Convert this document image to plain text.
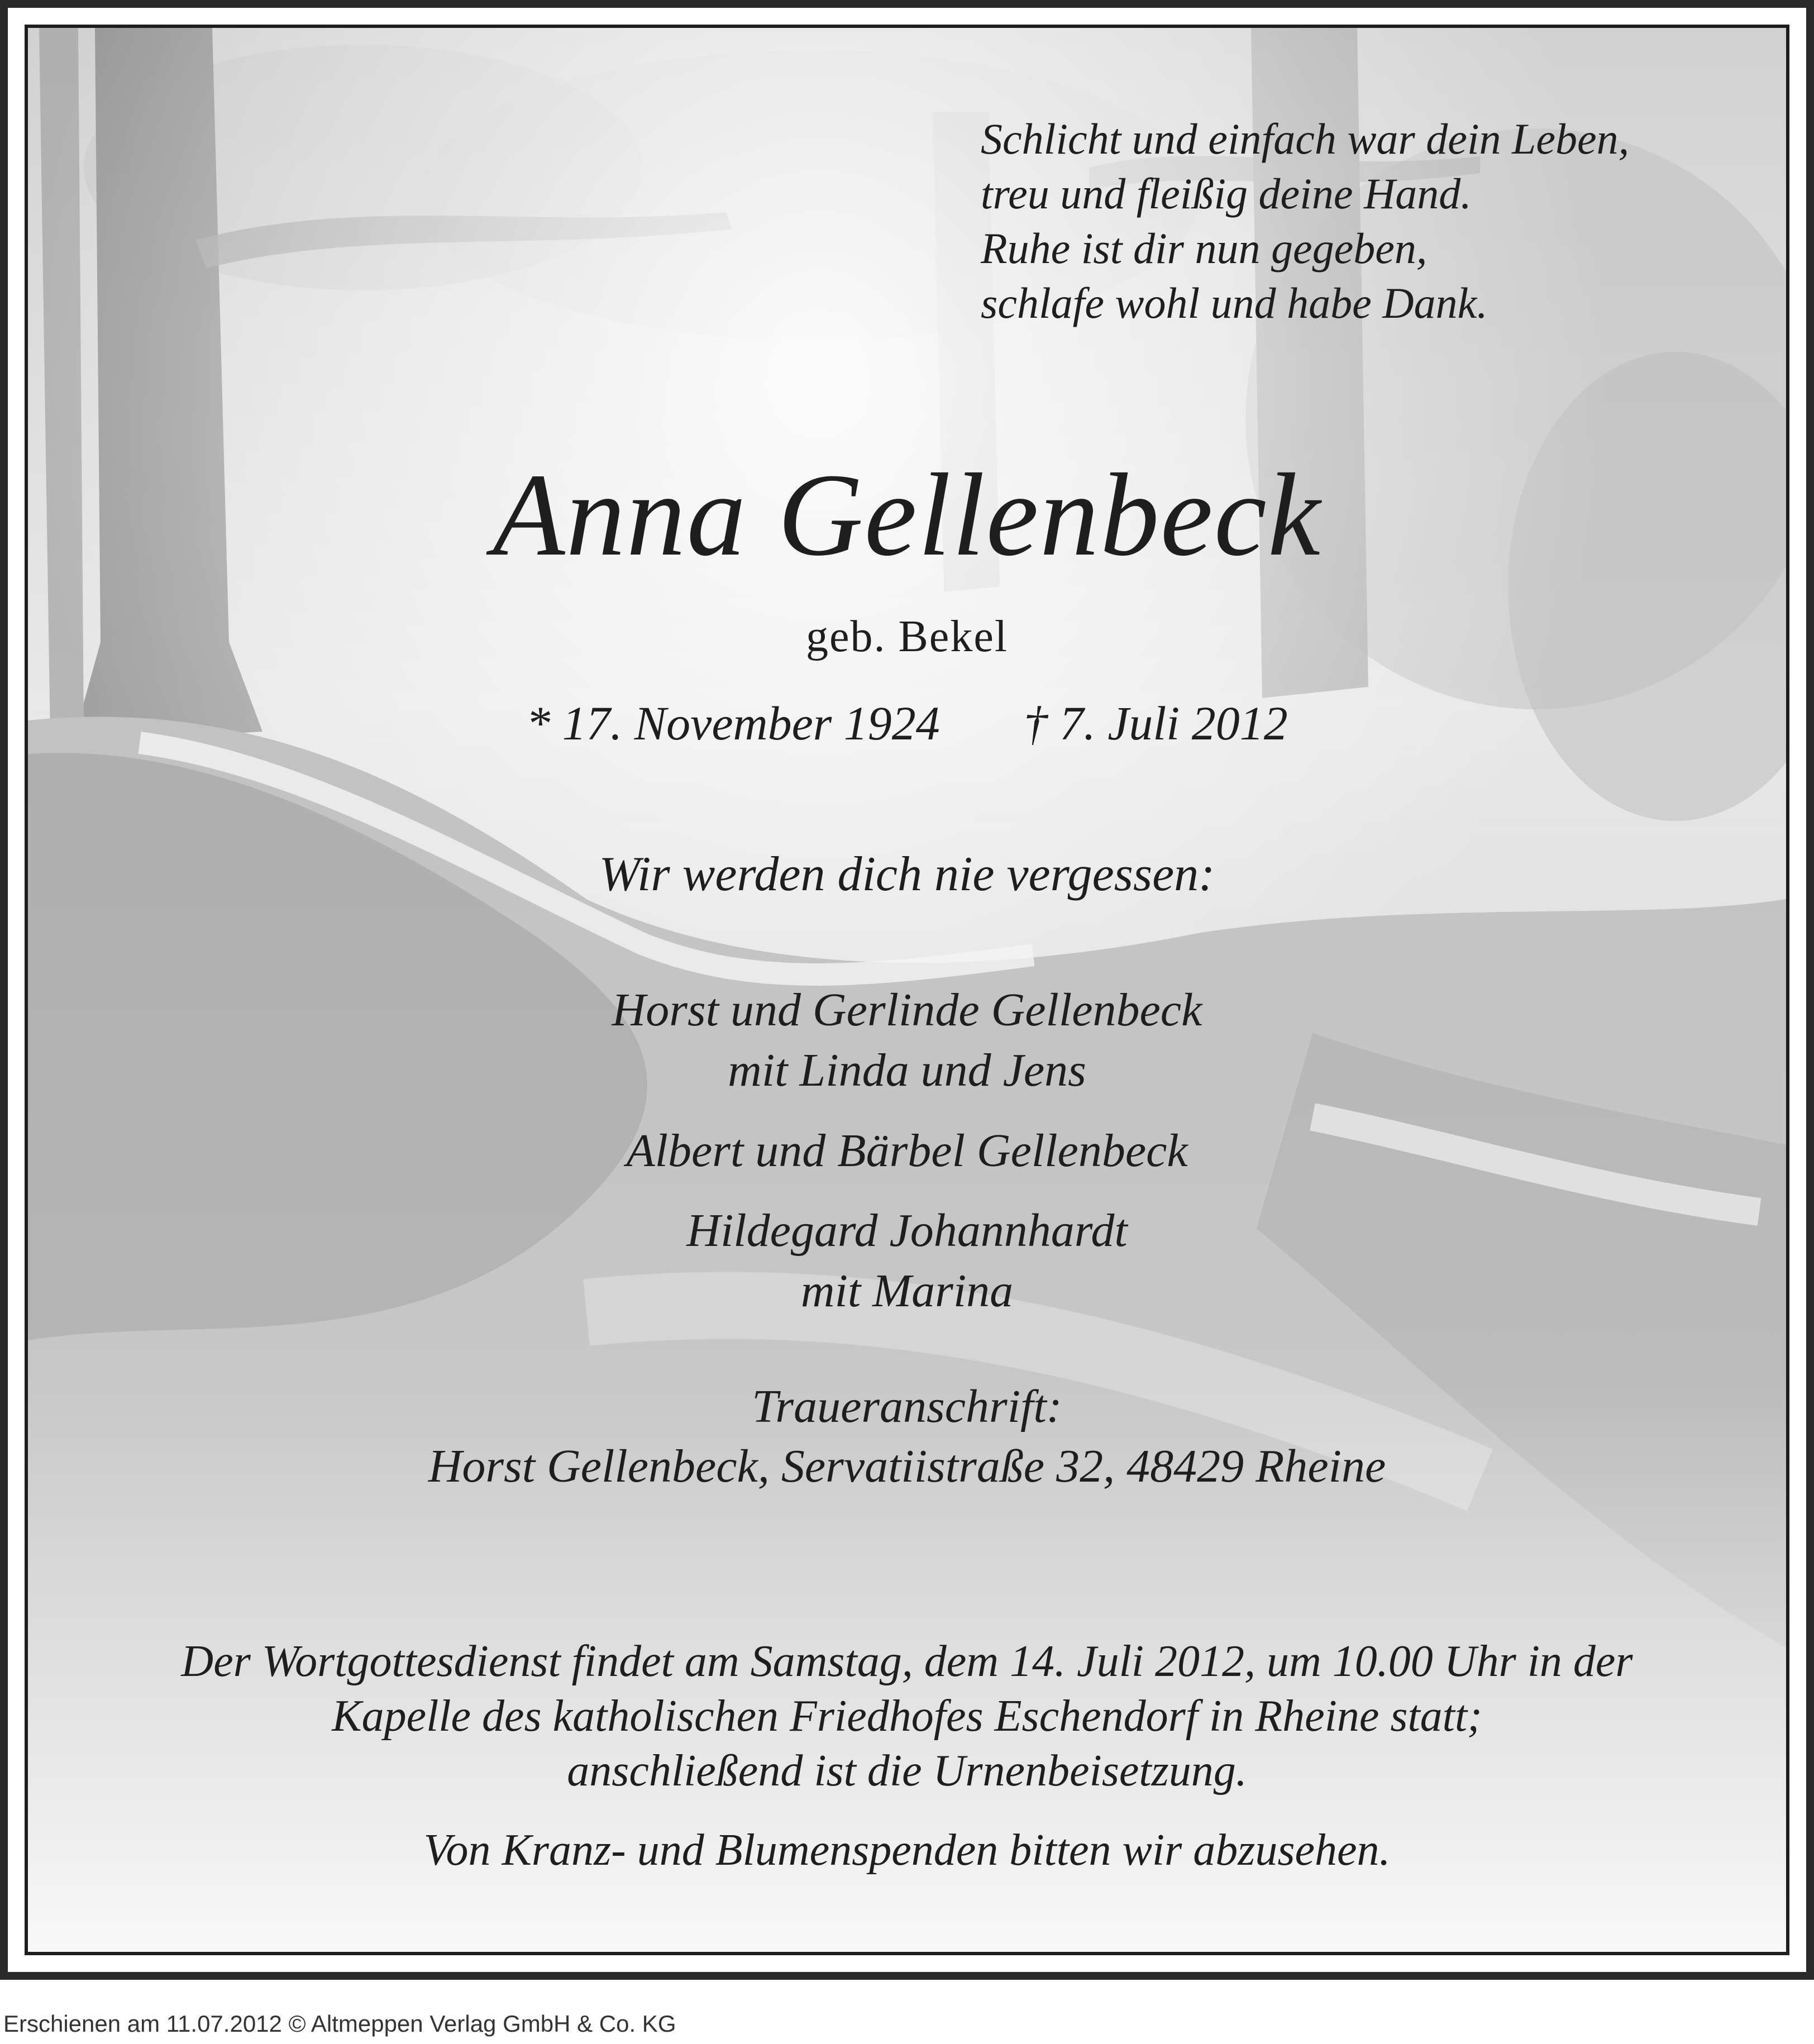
Schlicht und einfach war dein Leben,
treu und fleißig deine Hand.
Ruhe ist dir nun gegeben,
schlafe wohl und habe Dank.
Anna Gellenbeck
geb. Bekel
* 17. November 1924 † 7. Juli 2012
Wir werden dich nie vergessen:
Horst und Gerlinde Gellenbeck
mit Linda und Jens
Albert und Bärbel Gellenbeck
Hildegard Johannhardt
mit Marina
Traueranschrift:
Horst Gellenbeck, Servatiistraße 32, 48429 Rheine
Der Wortgottesdienst findet am Samstag, dem 14. Juli 2012, um 10.00 Uhr in der
Kapelle des katholischen Friedhofes Eschendorf in Rheine statt;
anschließend ist die Urnenbeisetzung.
Von Kranz- und Blumenspenden bitten wir abzusehen.
Erschienen am 11.07.2012 © Altmeppen Verlag GmbH & Co. KG
